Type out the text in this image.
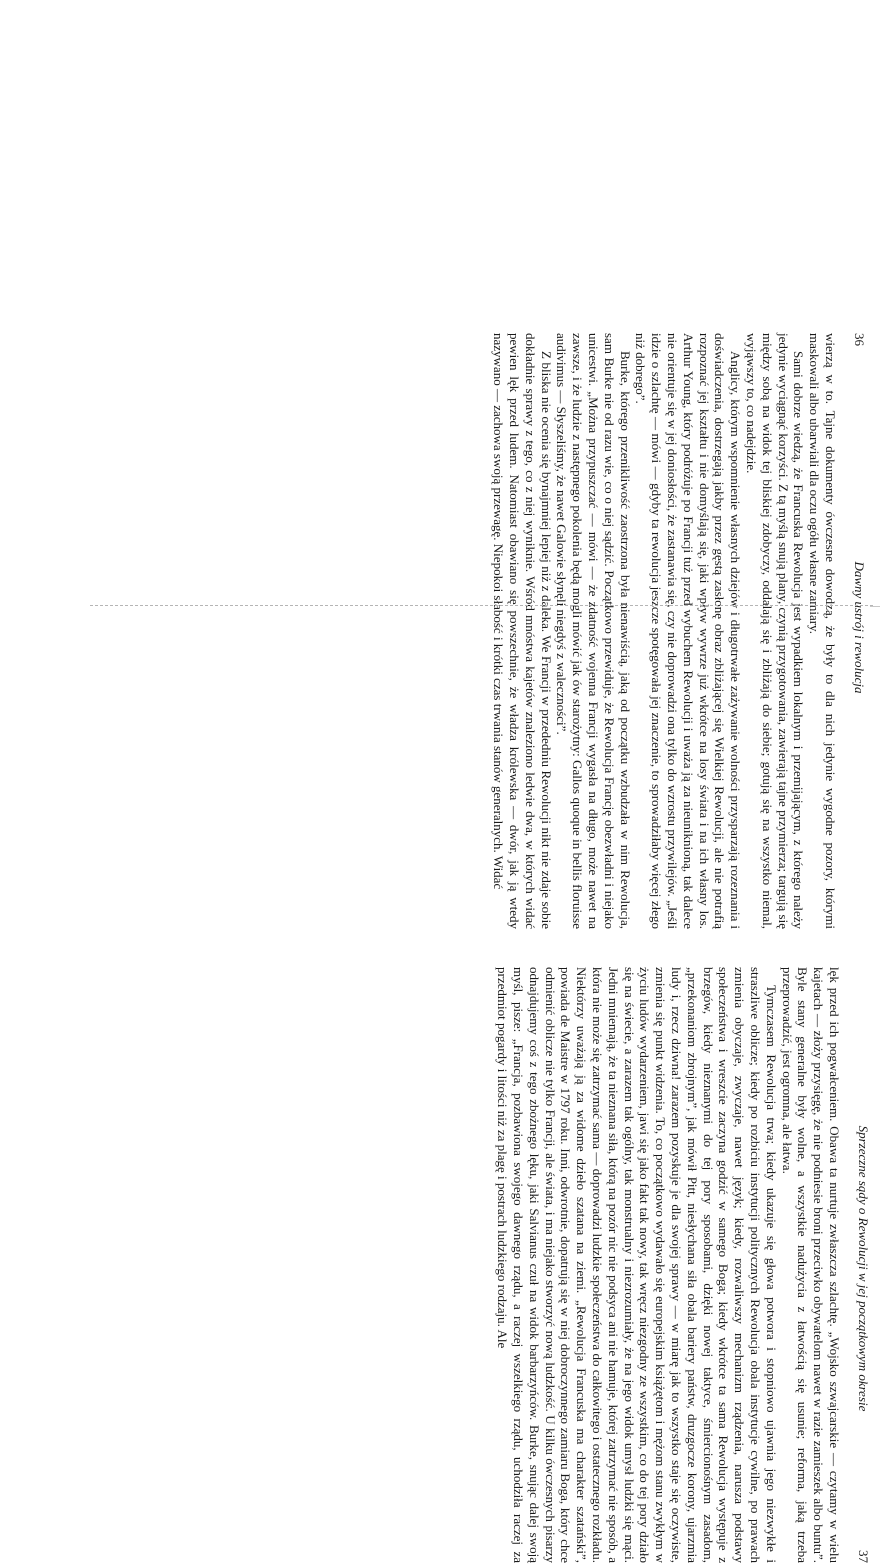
36
Dawny ustrój i rewolucja

wierzą w to. Tajne dokumenty ówczesne dowodzą, że były to dla nich jedynie wygodne pozory, którymi maskowali albo ubarwiali dla oczu ogółu własne zamiary.

Sami dobrze wiedzą, że Francuska Rewolucja jest wypadkiem lokalnym i przemijającym, z którego należy jedynie wyciągnąć korzyści. Z tą myślą snują plany, czynią przygotowania, zawierają tajne przymierza; targują się między sobą na widok tej bliskiej zdobyczy, oddalają się i zbliżają do siebie; gotują się na wszystko niemal, wyjąwszy to, co nadejdzie.

Anglicy, którym wspomnienie własnych dziejów i długotrwałe zażywanie wolności przysparzają rozeznania i doświadczenia, dostrzegają jakby przez gęstą zasłonę obraz zbliżającej się Wielkiej Rewolucji, ale nie potrafią rozpoznać jej kształtu i nie domyślają się, jaki wpływ wywrze już wkrótce na losy świata i na ich własny los. Arthur Young, który podróżuje po Francji tuż przed wybuchem Rewolucji i uważa ją za nieuniknioną, tak dalece nie orientuje się w jej doniosłości, że zastanawia się, czy nie doprowadzi ona tylko do wzrostu przywilejów. „Jeśli idzie o szlachtę — mówi — gdyby ta rewolucja jeszcze spotęgowała jej znaczenie, to sprowadziłaby więcej złego niż dobrego”.

Burke, którego przenikliwość zaostrzona była nienawiścią, jaką od początku wzbudzała w nim Rewolucja, sam Burke nie od razu wie, co o niej sądzić. Początkowo przewiduje, że Rewolucja Francję obezwładni i niejako unicestwi. „Można przypuszczać — mówi — że zdatność wojenna Francji wygasła na długo, może nawet na zawsze, i że ludzie z następnego pokolenia będą mogli mówić jak ów starożytny: Gallos quoque in bellis floruisse audivimus — Słyszeliśmy, że nawet Galowie słynęli niegdyś z waleczności”.

Z bliska nie ocenia się bynajmniej lepiej niż z daleka. We Francji w przededniu Rewolucji nikt nie zdaje sobie dokładnie sprawy z tego, co z niej wyniknie. Wśród mnóstwa kajetów znaleziono ledwie dwa, w których widać pewien lęk przed ludem. Natomiast obawiano się powszechnie, że władza królewska — dwór, jak ją wtedy nazywano — zachowa swoją przewagę. Niepokoi słabość i krótki czas trwania stanów generalnych. Widać

Sprzeczne sądy o Rewolucji w jej początkowym okresie
37

lęk przed ich pogwałceniem. Obawa ta nurtuje zwłaszcza szlachtę. „Wojsko szwajcarskie — czytamy w wielu kajetach — złoży przysięgę, że nie podniesie broni przeciwko obywatelom nawet w razie zamieszek albo buntu”. Byle stany generalne były wolne, a wszystkie nadużycia z łatwością się usunie; reforma, jaką trzeba przeprowadzić, jest ogromna, ale łatwa.

Tymczasem Rewolucja trwa; kiedy ukazuje się głowa potwora i stopniowo ujawnia jego niezwykłe i straszliwe oblicze; kiedy po rozbiciu instytucji politycznych Rewolucja obala instytucje cywilne, po prawach zmienia obyczaje, zwyczaje, nawet język; kiedy, rozwaliwszy mechanizm rządzenia, narusza podstawy społeczeństwa i wreszcie zaczyna godzić w samego Boga; kiedy wkrótce ta sama Rewolucja występuje z brzegów, kiedy nieznanymi do tej pory sposobami, dzięki nowej taktyce, śmiercionośnym zasadom, „przekonaniom zbrojnym”, jak mówił Pitt, niesłychana siła obala bariery państw, druzgocze korony, ujarzmia ludy i, rzecz dziwna! zarazem pozyskuje je dla swojej sprawy — w miarę jak to wszystko staje się oczywiste, zmienia się punkt widzenia. To, co początkowo wydawało się europejskim książętom i mężom stanu zwykłym w życiu ludów wydarzeniem, jawi się jako fakt tak nowy, tak wręcz niezgodny ze wszystkim, co do tej pory działo się na świecie, a zarazem tak ogólny, tak monstrualny i niezrozumiały, że na jego widok umysł ludzki się mąci. Jedni mniemają, że ta nieznana siła, którą na pozór nic nie podsyca ani nie hamuje, której zatrzymać nie sposób, a która nie może się zatrzymać sama — doprowadzi ludzkie społeczeństwa do całkowitego i ostatecznego rozkładu. Niektórzy uważają ją za widome dzieło szatana na ziemi. „Rewolucja Francuska ma charakter szatański”, powiada de Maistre w 1797 roku. Inni, odwrotnie, dopatrują się w niej dobroczynnego zamiaru Boga, który chce odmienić oblicze nie tylko Francji, ale świata, i ma niejako stworzyć nową ludzkość. U kilku ówczesnych pisarzy odnajdujemy coś z tego zbożnego lęku, jaki Salvianus czuł na widok barbarzyńców. Burke, snując dalej swoją myśl, pisze: „Francja, pozbawiona swojego dawnego rządu, a raczej wszelkiego rządu, uchodziła raczej za przedmiot pogardy i litości niż za plagę i postrach ludzkiego rodzaju. Ale
